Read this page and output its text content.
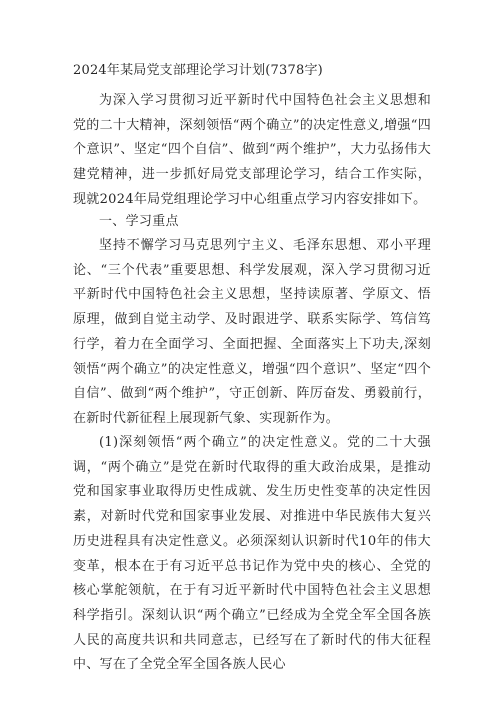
2024年某局党支部理论学习计划(7378字)

为深入学习贯彻习近平新时代中国特色社会主义思想和党的二十大精神，深刻领悟“两个确立”的决定性意义,增强“四个意识”、坚定“四个自信”、做到“两个维护”，大力弘扬伟大建党精神，进一步抓好局党支部理论学习，结合工作实际，现就2024年局党组理论学习中心组重点学习内容安排如下。

一、学习重点

坚持不懈学习马克思列宁主义、毛泽东思想、邓小平理论、“三个代表”重要思想、科学发展观，深入学习贯彻习近平新时代中国特色社会主义思想，坚持读原著、学原文、悟原理，做到自觉主动学、及时跟进学、联系实际学、笃信笃行学，着力在全面学习、全面把握、全面落实上下功夫,深刻领悟“两个确立”的决定性意义，增强“四个意识”、坚定“四个自信”、做到“两个维护”，守正创新、阵厉奋发、勇毅前行，在新时代新征程上展现新气象、实现新作为。

(1)深刻领悟“两个确立”的决定性意义。党的二十大强调，“两个确立”是党在新时代取得的重大政治成果，是推动党和国家事业取得历史性成就、发生历史性变革的决定性因素，对新时代党和国家事业发展、对推进中华民族伟大复兴历史进程具有决定性意义。必须深刻认识新时代10年的伟大变革，根本在于有习近平总书记作为党中央的核心、全党的核心掌舵领航，在于有习近平新时代中国特色社会主义思想科学指引。深刻认识“两个确立”已经成为全党全军全国各族人民的高度共识和共同意志，已经写在了新时代的伟大征程中、写在了全党全军全国各族人民心
